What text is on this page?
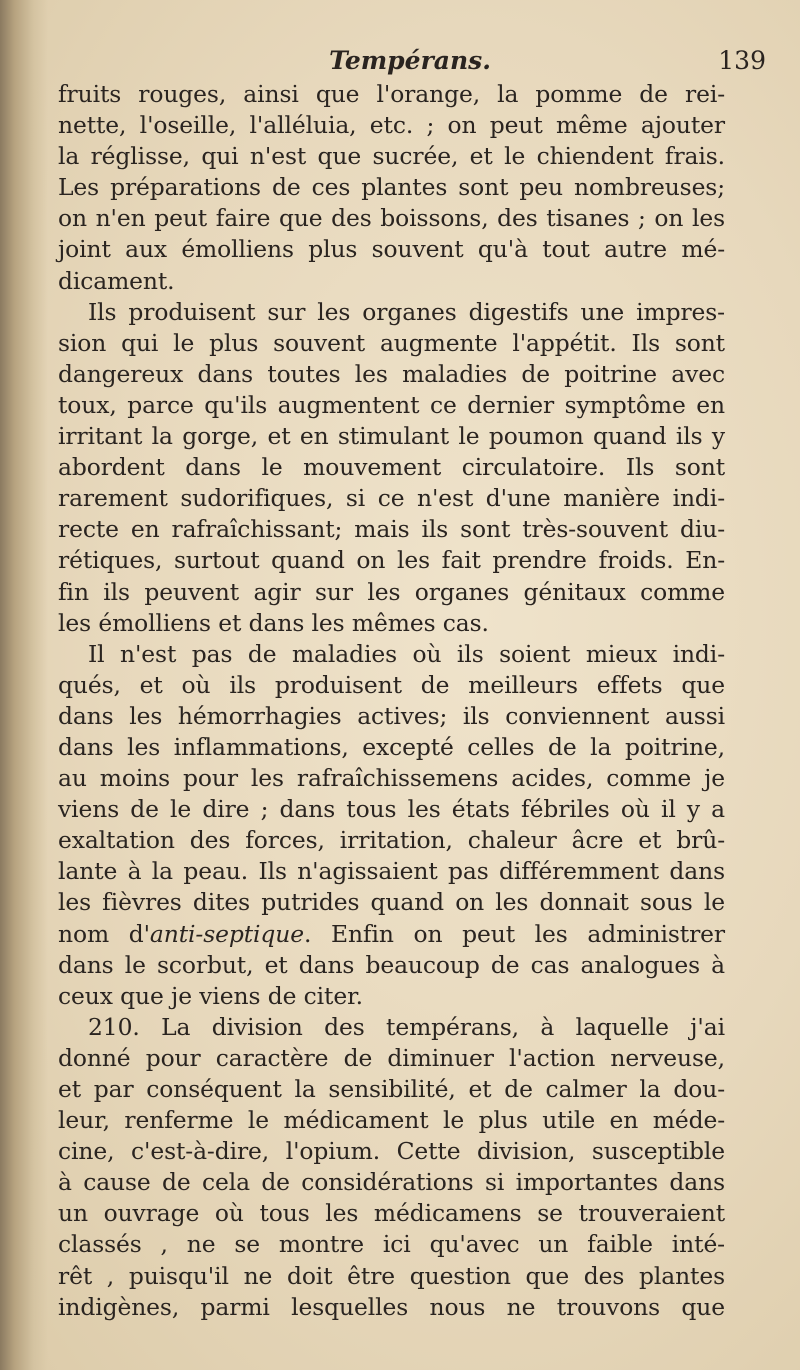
Tempérans.	139

fruits rouges, ainsi que l'orange, la pomme de rei-
nette, l'oseille, l'alléluia, etc. ; on peut même ajouter
la réglisse, qui n'est que sucrée, et le chiendent frais.
Les préparations de ces plantes sont peu nombreuses;
on n'en peut faire que des boissons, des tisanes ; on les
joint aux émolliens plus souvent qu'à tout autre mé-
dicament.

Ils produisent sur les organes digestifs une impres-
sion qui le plus souvent augmente l'appétit. Ils sont
dangereux dans toutes les maladies de poitrine avec
toux, parce qu'ils augmentent ce dernier symptôme en
irritant la gorge, et en stimulant le poumon quand ils y
abordent dans le mouvement circulatoire. Ils sont
rarement sudorifiques, si ce n'est d'une manière indi-
recte en rafraîchissant; mais ils sont très-souvent diu-
rétiques, surtout quand on les fait prendre froids. En-
fin ils peuvent agir sur les organes génitaux comme
les émolliens et dans les mêmes cas.

Il n'est pas de maladies où ils soient mieux indi-
qués, et où ils produisent de meilleurs effets que
dans les hémorrhagies actives; ils conviennent aussi
dans les inflammations, excepté celles de la poitrine,
au moins pour les rafraîchissemens acides, comme je
viens de le dire ; dans tous les états fébriles où il y a
exaltation des forces, irritation, chaleur âcre et brû-
lante à la peau. Ils n'agissaient pas différemment dans
les fièvres dites putrides quand on les donnait sous le
nom d'anti-septique. Enfin on peut les administrer
dans le scorbut, et dans beaucoup de cas analogues à
ceux que je viens de citer.

210. La division des tempérans, à laquelle j'ai
donné pour caractère de diminuer l'action nerveuse,
et par conséquent la sensibilité, et de calmer la dou-
leur, renferme le médicament le plus utile en méde-
cine, c'est-à-dire, l'opium. Cette division, susceptible
à cause de cela de considérations si importantes dans
un ouvrage où tous les médicamens se trouveraient
classés , ne se montre ici qu'avec un faible inté-
rêt , puisqu'il ne doit être question que des plantes
indigènes, parmi lesquelles nous ne trouvons que
